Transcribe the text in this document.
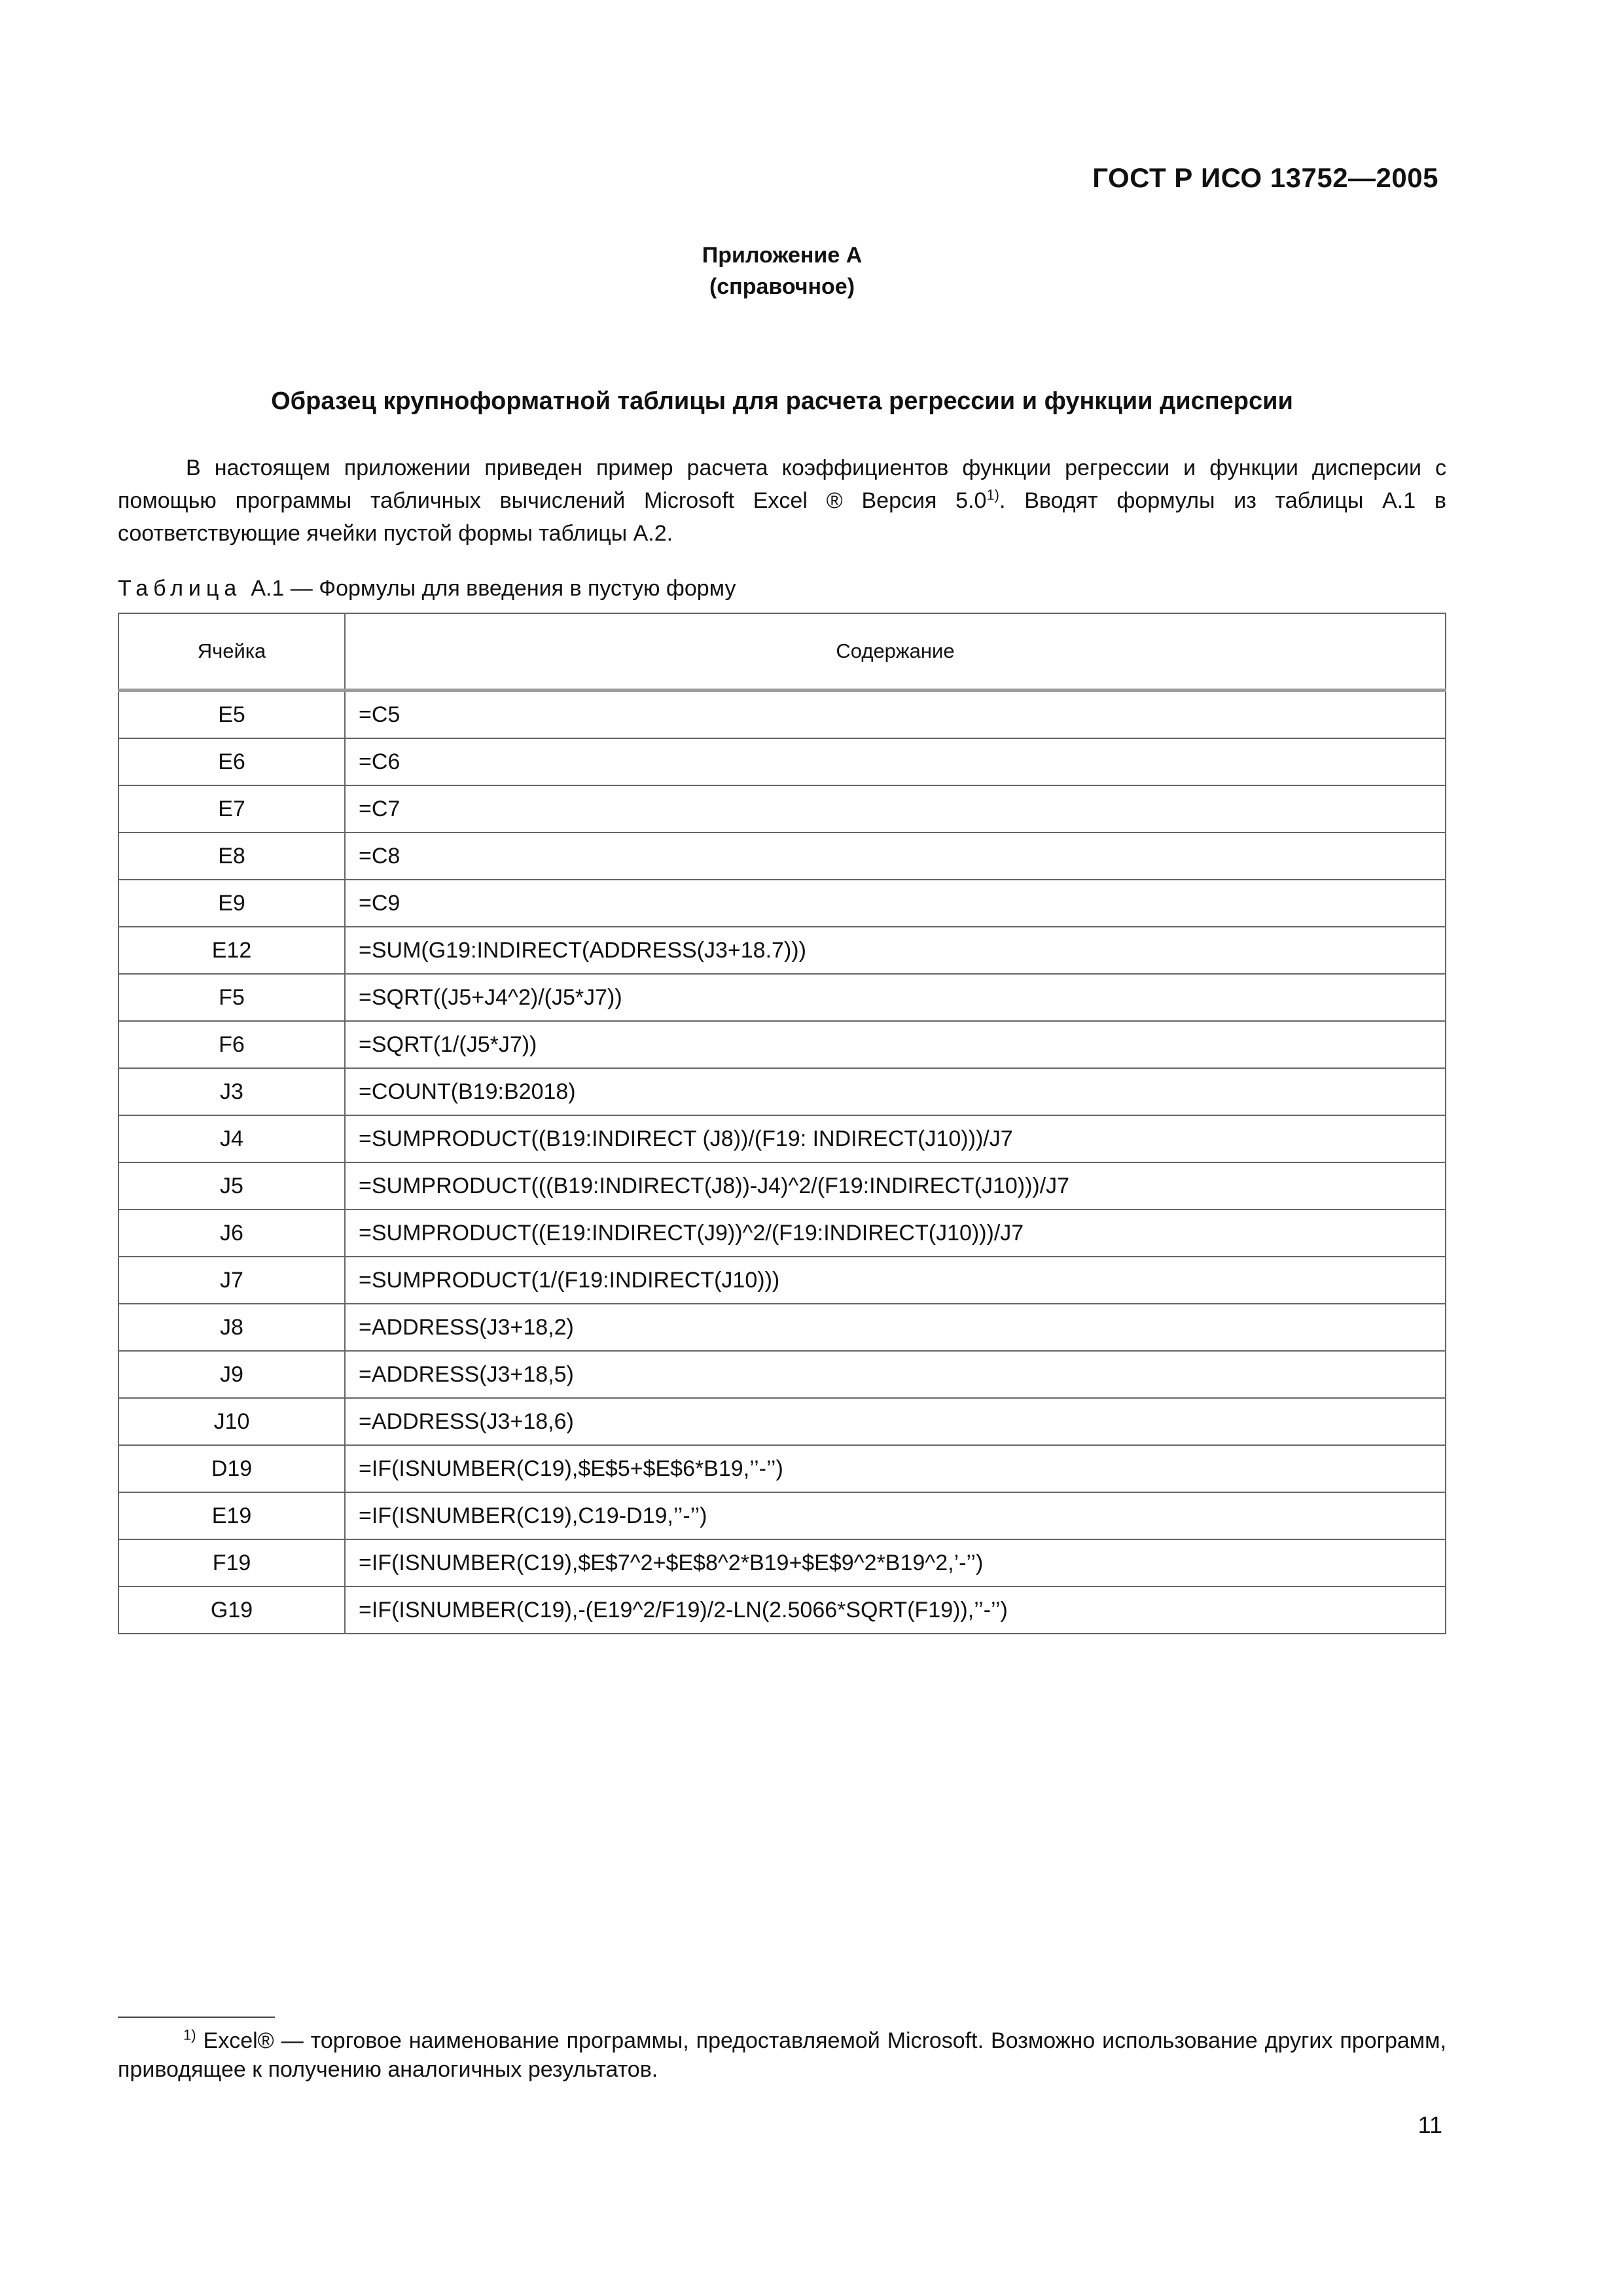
ГОСТ Р ИСО 13752—2005
Приложение А
(справочное)
Образец крупноформатной таблицы для расчета регрессии и функции дисперсии

В настоящем приложении приведен пример расчета коэффициентов функции регрессии и функции дисперсии с помощью программы табличных вычислений Microsoft Excel ® Версия 5.0$^{1)}$. Вводят формулы из таблицы А.1 в соответствующие ячейки пустой формы таблицы А.2.

Таблица А.1 — Формулы для введения в пустую форму
Ячейка	Содержание
E5	=C5
E6	=C6
E7	=C7
E8	=C8
E9	=C9
E12	=SUM(G19:INDIRECT(ADDRESS(J3+18.7)))
F5	=SQRT((J5+J4^2)/(J5*J7))
F6	=SQRT(1/(J5*J7))
J3	=COUNT(B19:B2018)
J4	=SUMPRODUCT((B19:INDIRECT (J8))/(F19: INDIRECT(J10)))/J7
J5	=SUMPRODUCT(((B19:INDIRECT(J8))-J4)^2/(F19:INDIRECT(J10)))/J7
J6	=SUMPRODUCT((E19:INDIRECT(J9))^2/(F19:INDIRECT(J10)))/J7
J7	=SUMPRODUCT(1/(F19:INDIRECT(J10)))
J8	=ADDRESS(J3+18,2)
J9	=ADDRESS(J3+18,5)
J10	=ADDRESS(J3+18,6)
D19	=IF(ISNUMBER(C19),$E$5+$E$6*B19,’’-’’)
E19	=IF(ISNUMBER(C19),C19-D19,’’-’’)
F19	=IF(ISNUMBER(C19),$E$7^2+$E$8^2*B19+$E$9^2*B19^2,’-’’)
G19	=IF(ISNUMBER(C19),-(E19^2/F19)/2-LN(2.5066*SQRT(F19)),’’-’’)

$^{1)}$ Excel® — торговое наименование программы, предоставляемой Microsoft. Возможно использование других программ, приводящее к получению аналогичных результатов.

11
